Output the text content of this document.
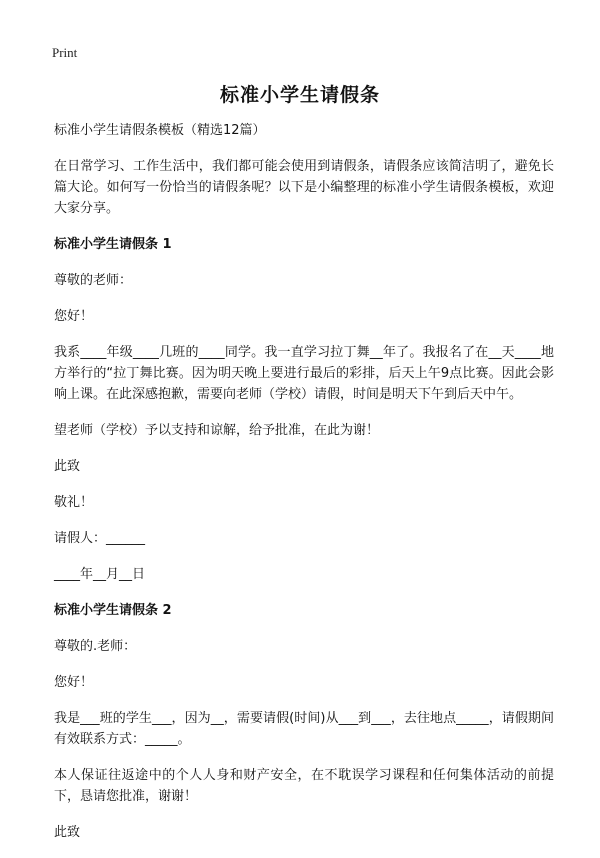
Print
标准小学生请假条

标准小学生请假条模板（精选12篇）

在日常学习、工作生活中，我们都可能会使用到请假条，请假条应该简洁明了，避免长篇大论。如何写一份恰当的请假条呢？以下是小编整理的标准小学生请假条模板，欢迎大家分享。

标准小学生请假条 1

尊敬的老师：

您好！

我系____年级____几班的____同学。我一直学习拉丁舞__年了。我报名了在__天____地方举行的“拉丁舞比赛。因为明天晚上要进行最后的彩排，后天上午9点比赛。因此会影响上课。在此深感抱歉，需要向老师（学校）请假，时间是明天下午到后天中午。

望老师（学校）予以支持和谅解，给予批准，在此为谢！

此致

敬礼！

请假人：______

____年__月__日

标准小学生请假条 2

尊敬的.老师：

您好！

我是___班的学生___，因为__，需要请假(时间)从___到___，去往地点_____，请假期间有效联系方式：_____。

本人保证往返途中的个人人身和财产安全，在不耽误学习课程和任何集体活动的前提下，恳请您批准，谢谢！

此致
